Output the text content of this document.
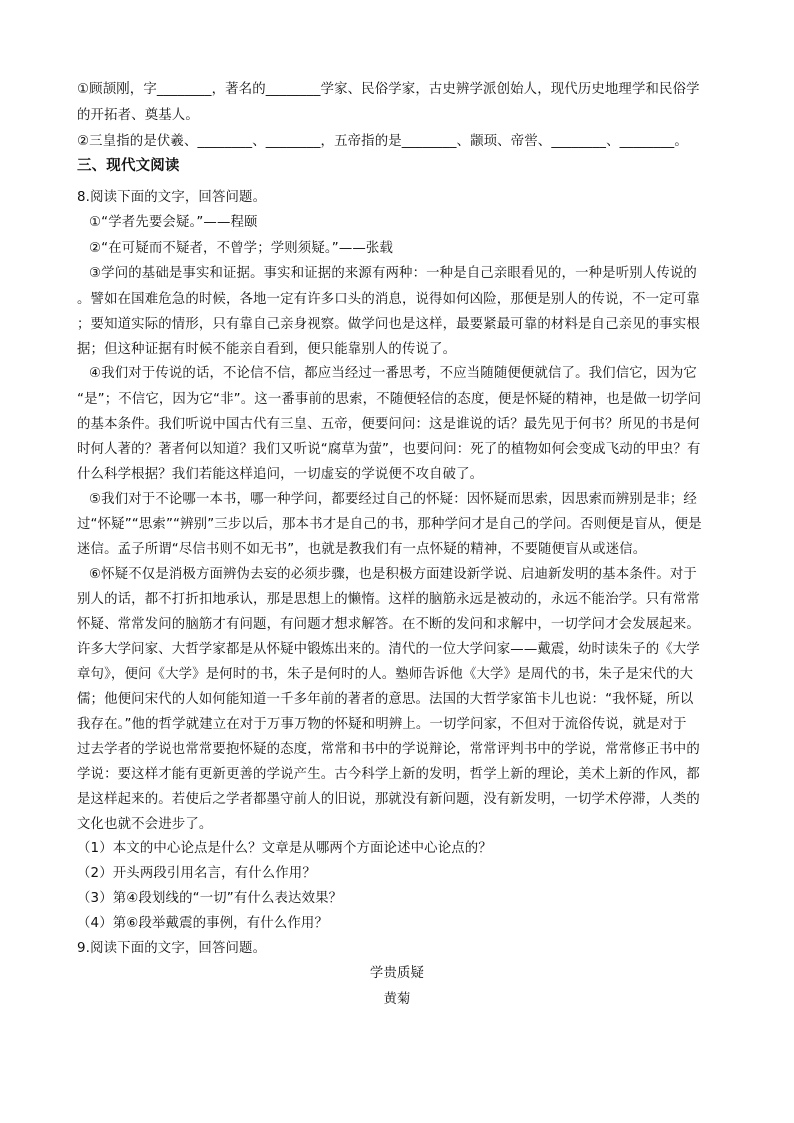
①顾颉刚，字________，著名的________学家、民俗学家，古史辨学派创始人，现代历史地理学和民俗学
的开拓者、奠基人。
②三皇指的是伏羲、________、________，五帝指的是________、颛顼、帝喾、________、________。
三、现代文阅读
8.阅读下面的文字，回答问题。
①“学者先要会疑。”——程颐
②“在可疑而不疑者，不曾学；学则须疑。”——张载
③学问的基础是事实和证据。事实和证据的来源有两种：一种是自己亲眼看见的，一种是听别人传说的
。譬如在国难危急的时候，各地一定有许多口头的消息，说得如何凶险，那便是别人的传说，不一定可靠
；要知道实际的情形，只有靠自己亲身视察。做学问也是这样，最要紧最可靠的材料是自己亲见的事实根
据；但这种证据有时候不能亲自看到，便只能靠别人的传说了。
④我们对于传说的话，不论信不信，都应当经过一番思考，不应当随随便便就信了。我们信它，因为它
“是”；不信它，因为它“非”。这一番事前的思索，不随便轻信的态度，便是怀疑的精神，也是做一切学问
的基本条件。我们听说中国古代有三皇、五帝，便要问问：这是谁说的话？最先见于何书？所见的书是何
时何人著的？著者何以知道？我们又听说“腐草为萤”，也要问问：死了的植物如何会变成飞动的甲虫？有
什么科学根据？我们若能这样追问，一切虚妄的学说便不攻自破了。
⑤我们对于不论哪一本书，哪一种学问，都要经过自己的怀疑：因怀疑而思索，因思索而辨别是非；经
过“怀疑”“思索”“辨别”三步以后，那本书才是自己的书，那种学问才是自己的学问。否则便是盲从，便是
迷信。孟子所谓“尽信书则不如无书”，也就是教我们有一点怀疑的精神，不要随便盲从或迷信。
⑥怀疑不仅是消极方面辨伪去妄的必须步骤，也是积极方面建设新学说、启迪新发明的基本条件。对于
别人的话，都不打折扣地承认，那是思想上的懒惰。这样的脑筋永远是被动的，永远不能治学。只有常常
怀疑、常常发问的脑筋才有问题，有问题才想求解答。在不断的发问和求解中，一切学问才会发展起来。
许多大学问家、大哲学家都是从怀疑中锻炼出来的。清代的一位大学问家——戴震，幼时读朱子的《大学
章句》，便问《大学》是何时的书，朱子是何时的人。塾师告诉他《大学》是周代的书，朱子是宋代的大
儒；他便问宋代的人如何能知道一千多年前的著者的意思。法国的大哲学家笛卡儿也说：“我怀疑，所以
我存在。”他的哲学就建立在对于万事万物的怀疑和明辨上。一切学问家，不但对于流俗传说，就是对于
过去学者的学说也常常要抱怀疑的态度，常常和书中的学说辩论，常常评判书中的学说，常常修正书中的
学说：要这样才能有更新更善的学说产生。古今科学上新的发明，哲学上新的理论，美术上新的作风，都
是这样起来的。若使后之学者都墨守前人的旧说，那就没有新问题，没有新发明，一切学术停滞，人类的
文化也就不会进步了。
（1）本文的中心论点是什么？文章是从哪两个方面论述中心论点的？
（2）开头两段引用名言，有什么作用？
（3）第④段划线的“一切”有什么表达效果？
（4）第⑥段举戴震的事例，有什么作用？
9.阅读下面的文字，回答问题。
学贵质疑
黄菊
